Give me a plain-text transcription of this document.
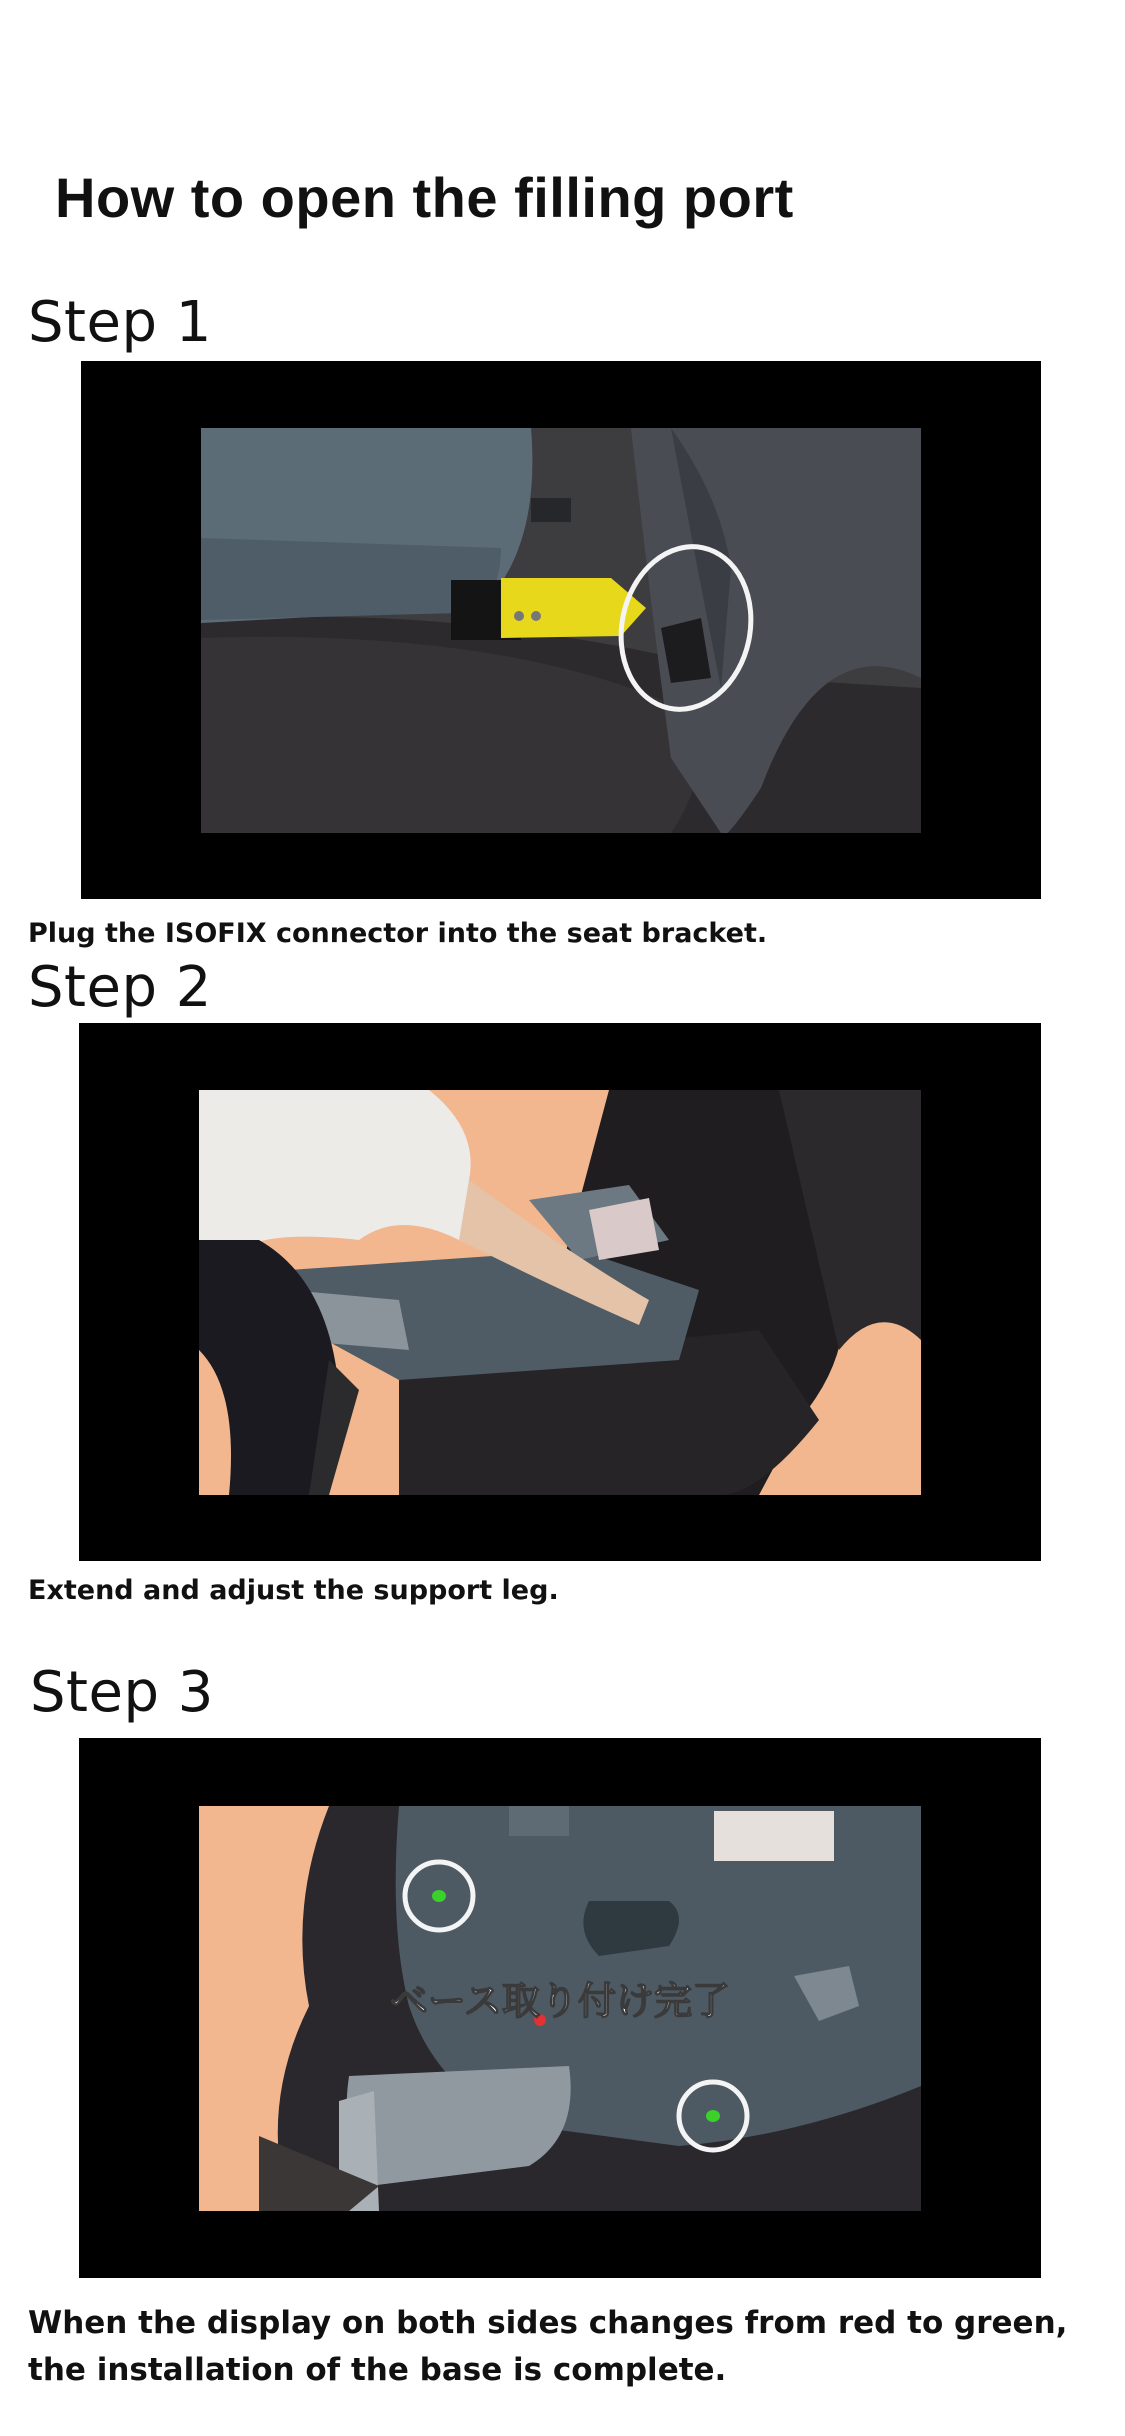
How to open the filling port
Step 1

Plug the ISOFIX connector into the seat bracket.

Step 2

Extend and adjust the support leg.

Step 3
ベース取り付け完了

When the display on both sides changes from red to green,
the installation of the base is complete.
